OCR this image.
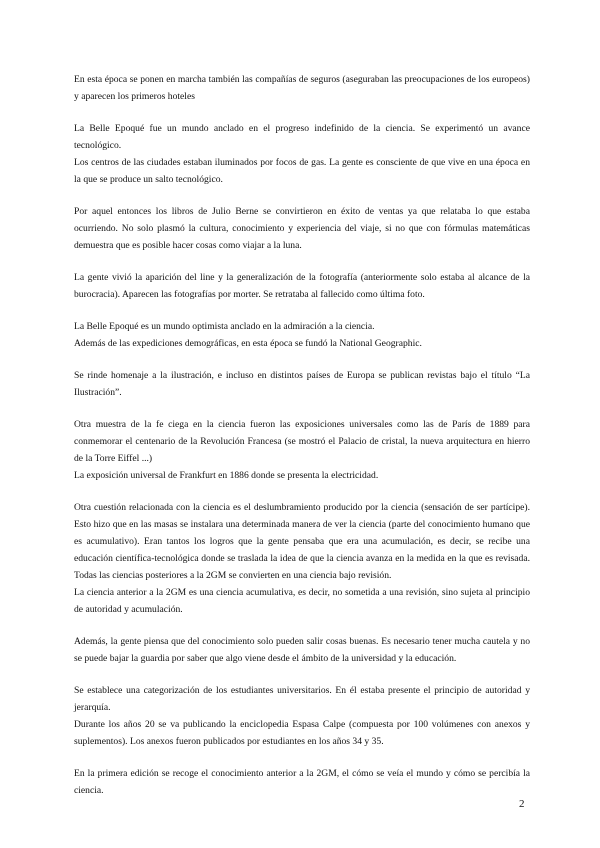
En esta época se ponen en marcha también las compañías de seguros (aseguraban las preocupaciones de los europeos) y aparecen los primeros hoteles

La Belle Epoqué fue un mundo anclado en el progreso indefinido de la ciencia. Se experimentó un avance tecnológico.

Los centros de las ciudades estaban iluminados por focos de gas. La gente es consciente de que vive en una época en la que se produce un salto tecnológico.

Por aquel entonces los libros de Julio Berne se convirtieron en éxito de ventas ya que relataba lo que estaba ocurriendo. No solo plasmó la cultura, conocimiento y experiencia del viaje, si no que con fórmulas matemáticas demuestra que es posible hacer cosas como viajar a la luna.

La gente vivió la aparición del line y la generalización de la fotografía (anteriormente solo estaba al alcance de la burocracia). Aparecen las fotografías por morter. Se retrataba al fallecido como última foto.

La Belle Epoqué es un mundo optimista anclado en la admiración a la ciencia.

Además de las expediciones demográficas, en esta época se fundó la National Geographic.

Se rinde homenaje a la ilustración, e incluso en distintos países de Europa se publican revistas bajo el título “La Ilustración”.

Otra muestra de la fe ciega en la ciencia fueron las exposiciones universales como las de París de 1889 para conmemorar el centenario de la Revolución Francesa (se mostró el Palacio de cristal, la nueva arquitectura en hierro de la Torre Eiffel ...)

La exposición universal de Frankfurt en 1886 donde se presenta la electricidad.

Otra cuestión relacionada con la ciencia es el deslumbramiento producido por la ciencia (sensación de ser partícipe). Esto hizo que en las masas se instalara una determinada manera de ver la ciencia (parte del conocimiento humano que es acumulativo). Eran tantos los logros que la gente pensaba que era una acumulación, es decir, se recibe una educación científica-tecnológica donde se traslada la idea de que la ciencia avanza en la medida en la que es revisada. Todas las ciencias posteriores a la 2GM se convierten en una ciencia bajo revisión.

La ciencia anterior a la 2GM es una ciencia acumulativa, es decir, no sometida a una revisión, sino sujeta al principio de autoridad y acumulación.

Además, la gente piensa que del conocimiento solo pueden salir cosas buenas. Es necesario tener mucha cautela y no se puede bajar la guardia por saber que algo viene desde el ámbito de la universidad y la educación.

Se establece una categorización de los estudiantes universitarios. En él estaba presente el principio de autoridad y jerarquía.

Durante los años 20 se va publicando la enciclopedia Espasa Calpe (compuesta por 100 volúmenes con anexos y suplementos). Los anexos fueron publicados por estudiantes en los años 34 y 35.

En la primera edición se recoge el conocimiento anterior a la 2GM, el cómo se veía el mundo y cómo se percibía la ciencia.

2
